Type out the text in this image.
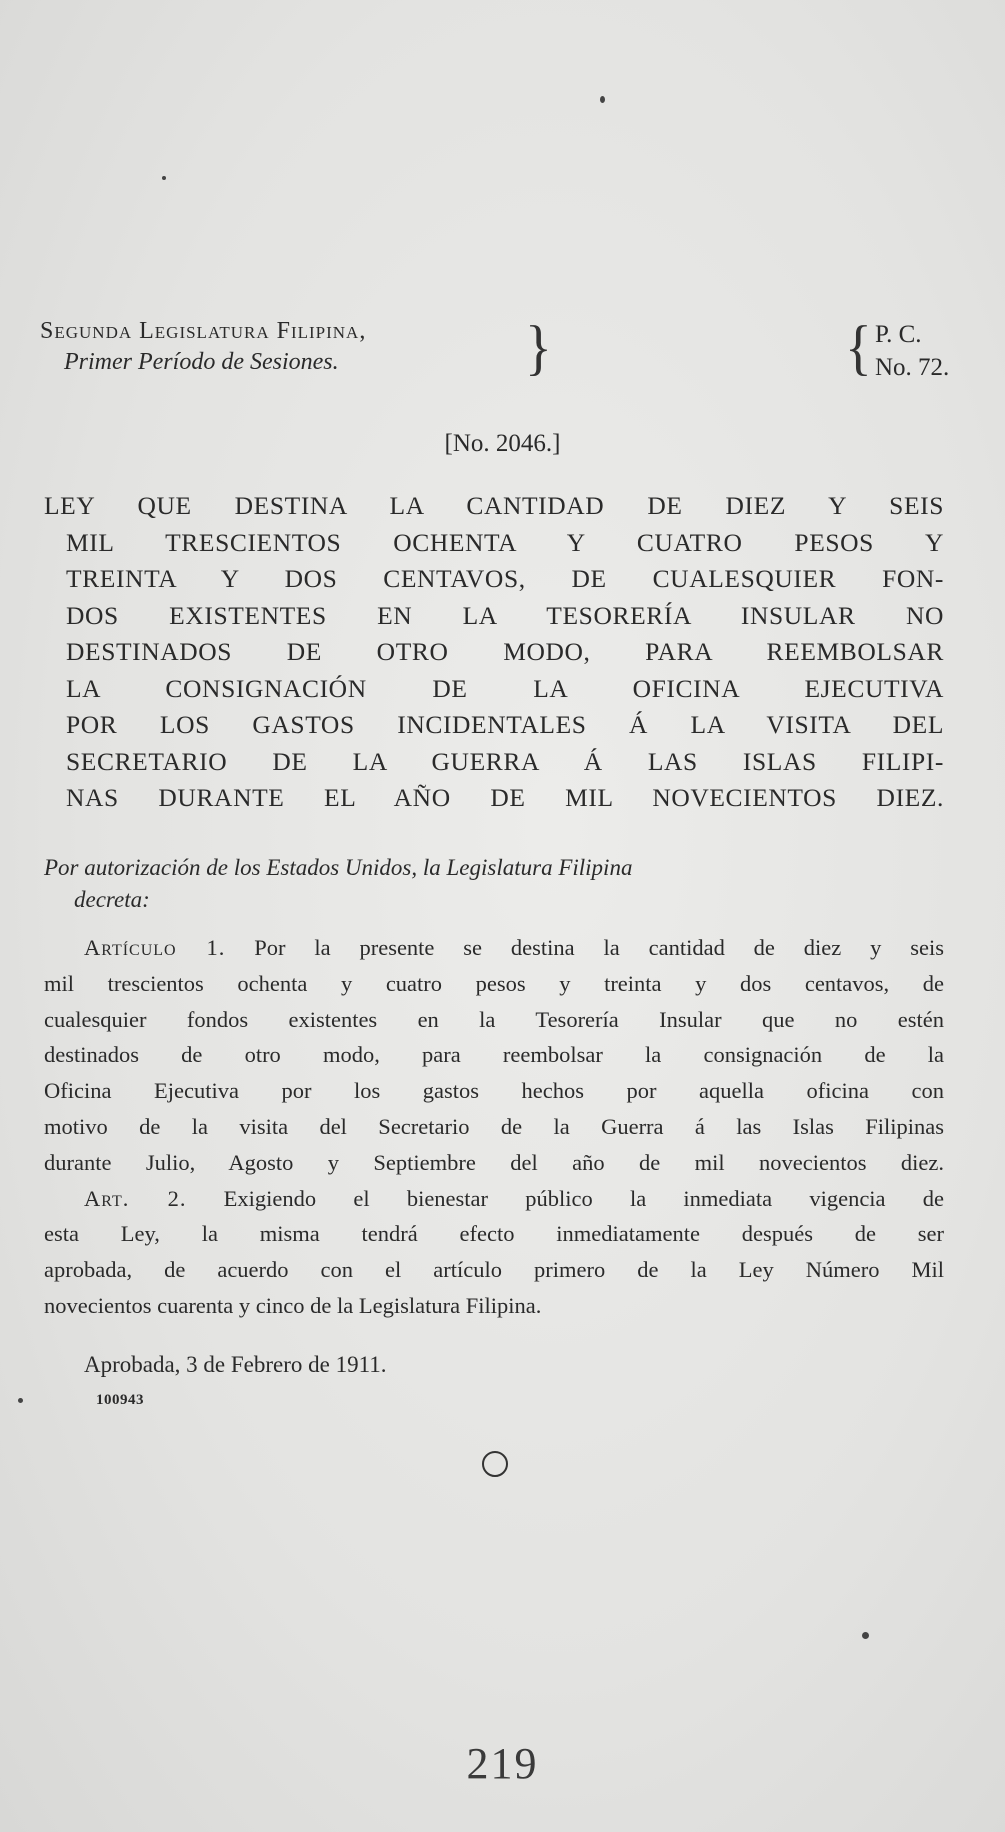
Segunda Legislatura Filipina,
Primer Período de Sesiones.	}	{ P. C.
No. 72.
[No. 2046.]
LEY QUE DESTINA LA CANTIDAD DE DIEZ Y SEIS
MIL TRESCIENTOS OCHENTA Y CUATRO PESOS Y
TREINTA Y DOS CENTAVOS, DE CUALESQUIER FON-
DOS EXISTENTES EN LA TESORERÍA INSULAR NO
DESTINADOS DE OTRO MODO, PARA REEMBOLSAR
LA CONSIGNACIÓN DE LA OFICINA EJECUTIVA
POR LOS GASTOS INCIDENTALES Á LA VISITA DEL
SECRETARIO DE LA GUERRA Á LAS ISLAS FILIPI-
NAS DURANTE EL AÑO DE MIL NOVECIENTOS DIEZ.
Por autorización de los Estados Unidos, la Legislatura Filipina
decreta:
Artículo 1. Por la presente se destina la cantidad de diez y seis
mil trescientos ochenta y cuatro pesos y treinta y dos centavos, de
cualesquier fondos existentes en la Tesorería Insular que no estén
destinados de otro modo, para reembolsar la consignación de la
Oficina Ejecutiva por los gastos hechos por aquella oficina con
motivo de la visita del Secretario de la Guerra á las Islas Filipinas
durante Julio, Agosto y Septiembre del año de mil novecientos diez.
Art. 2. Exigiendo el bienestar público la inmediata vigencia de
esta Ley, la misma tendrá efecto inmediatamente después de ser
aprobada, de acuerdo con el artículo primero de la Ley Número Mil
novecientos cuarenta y cinco de la Legislatura Filipina.
Aprobada, 3 de Febrero de 1911.
100943
219
